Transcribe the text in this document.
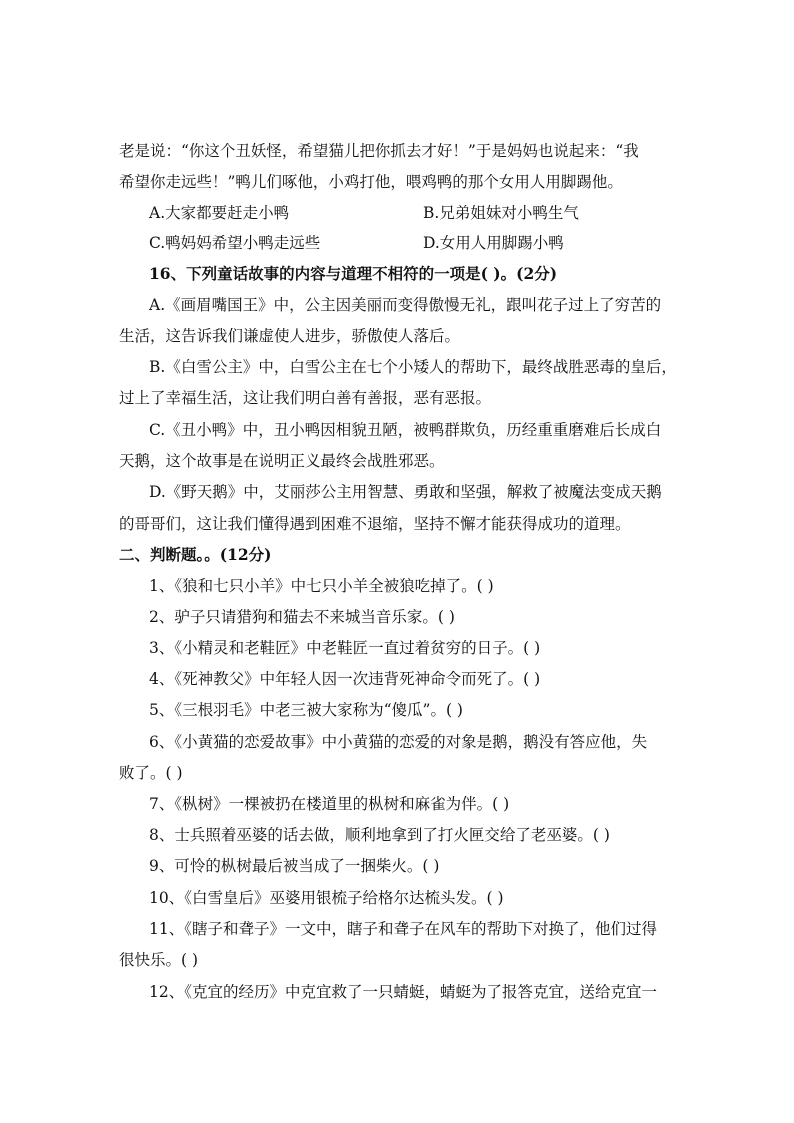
老是说：“你这个丑妖怪，希望猫儿把你抓去才好！”于是妈妈也说起来：“我
希望你走远些！”鸭儿们啄他，小鸡打他，喂鸡鸭的那个女用人用脚踢他。
A.大家都要赶走小鸭	B.兄弟姐妹对小鸭生气
C.鸭妈妈希望小鸭走远些	D.女用人用脚踢小鸭
16、下列童话故事的内容与道理不相符的一项是( )。(2分)
A.《画眉嘴国王》中，公主因美丽而变得傲慢无礼，跟叫花子过上了穷苦的
生活，这告诉我们谦虚使人进步，骄傲使人落后。
B.《白雪公主》中，白雪公主在七个小矮人的帮助下，最终战胜恶毒的皇后，
过上了幸福生活，这让我们明白善有善报，恶有恶报。
C.《丑小鸭》中，丑小鸭因相貌丑陋，被鸭群欺负，历经重重磨难后长成白
天鹅，这个故事是在说明正义最终会战胜邪恶。
D.《野天鹅》中，艾丽莎公主用智慧、勇敢和坚强，解救了被魔法变成天鹅
的哥哥们，这让我们懂得遇到困难不退缩，坚持不懈才能获得成功的道理。
二、判断题。。(12分)
1、《狼和七只小羊》中七只小羊全被狼吃掉了。( )
2、驴子只请猎狗和猫去不来城当音乐家。( )
3、《小精灵和老鞋匠》中老鞋匠一直过着贫穷的日子。( )
4、《死神教父》中年轻人因一次违背死神命令而死了。( )
5、《三根羽毛》中老三被大家称为“傻瓜”。( )
6、《小黄猫的恋爱故事》中小黄猫的恋爱的对象是鹅，鹅没有答应他，失
败了。( )
7、《枞树》一棵被扔在楼道里的枞树和麻雀为伴。( )
8、士兵照着巫婆的话去做，顺利地拿到了打火匣交给了老巫婆。( )
9、可怜的枞树最后被当成了一捆柴火。( )
10、《白雪皇后》巫婆用银梳子给格尔达梳头发。( )
11、《瞎子和聋子》一文中，瞎子和聋子在风车的帮助下对换了，他们过得
很快乐。( )
12、《克宜的经历》中克宜救了一只蜻蜓，蜻蜓为了报答克宜，送给克宜一
